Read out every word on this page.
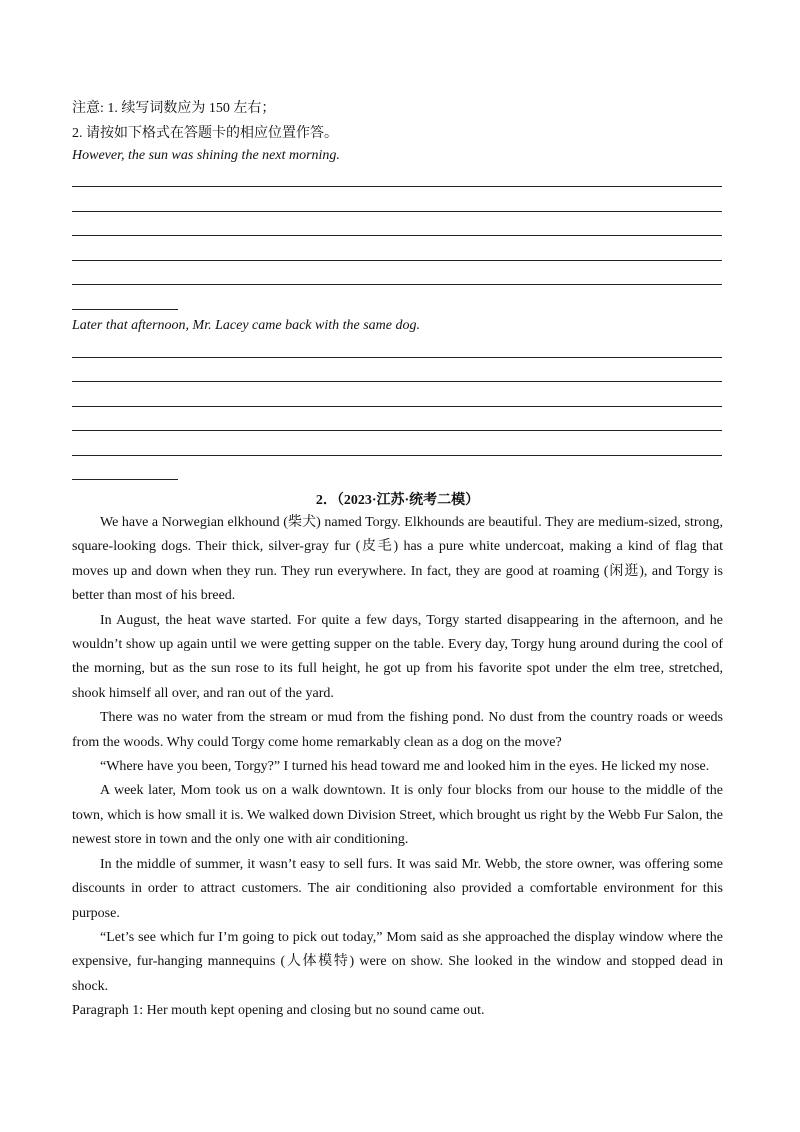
注意: 1. 续写词数应为 150 左右；
2. 请按如下格式在答题卡的相应位置作答。
However, the sun was shining the next morning.
Later that afternoon, Mr. Lacey came back with the same dog.
2．（2023·江苏·统考二模）

We have a Norwegian elkhound (柴犬) named Torgy. Elkhounds are beautiful. They are medium-sized, strong, square-looking dogs. Their thick, silver-gray fur (皮毛) has a pure white undercoat, making a kind of flag that moves up and down when they run. They run everywhere. In fact, they are good at roaming (闲逛), and Torgy is better than most of his breed.

In August, the heat wave started. For quite a few days, Torgy started disappearing in the afternoon, and he wouldn’t show up again until we were getting supper on the table. Every day, Torgy hung around during the cool of the morning, but as the sun rose to its full height, he got up from his favorite spot under the elm tree, stretched, shook himself all over, and ran out of the yard.

There was no water from the stream or mud from the fishing pond. No dust from the country roads or weeds from the woods. Why could Torgy come home remarkably clean as a dog on the move?

“Where have you been, Torgy?” I turned his head toward me and looked him in the eyes. He licked my nose.

A week later, Mom took us on a walk downtown. It is only four blocks from our house to the middle of the town, which is how small it is. We walked down Division Street, which brought us right by the Webb Fur Salon, the newest store in town and the only one with air conditioning.

In the middle of summer, it wasn’t easy to sell furs. It was said Mr. Webb, the store owner, was offering some discounts in order to attract customers. The air conditioning also provided a comfortable environment for this purpose.

“Let’s see which fur I’m going to pick out today,” Mom said as she approached the display window where the expensive, fur-hanging mannequins (人体模特) were on show. She looked in the window and stopped dead in shock.

Paragraph 1: Her mouth kept opening and closing but no sound came out.
